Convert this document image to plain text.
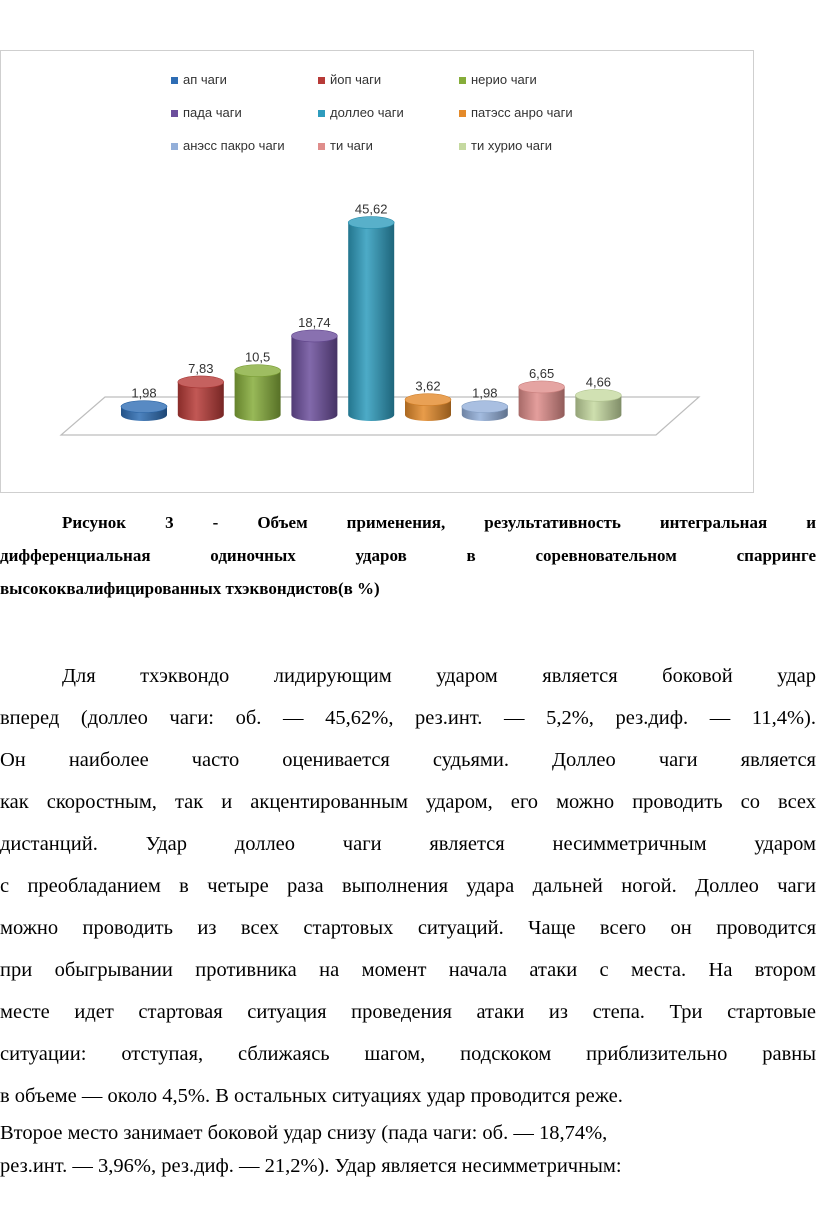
ап чаги	йоп чаги	нерио чаги
пада чаги	доллео чаги	патэсс анро чаги
анэсс пакро чаги	ти чаги	ти хурио чаги
1,98
7,83
10,5
18,74
45,62
3,62 1,98
6,65
4,66
Рисунок 3 - Объем применения, результативность интегральная и
дифференциальная одиночных ударов в соревновательном спарринге
высококвалифицированных тхэквондистов(в %)
Для тхэквондо лидирующим ударом является боковой удар
вперед (доллео чаги: об. — 45,62%, рез.инт. — 5,2%, рез.диф. — 11,4%).
Он наиболее часто оценивается судьями. Доллео чаги является
как скоростным, так и акцентированным ударом, его можно проводить со всех
дистанций. Удар доллео чаги является несимметричным ударом
с преобладанием в четыре раза выполнения удара дальней ногой. Доллео чаги
можно проводить из всех стартовых ситуаций. Чаще всего он проводится
при обыгрывании противника на момент начала атаки с места. На втором
месте идет стартовая ситуация проведения атаки из степа. Три стартовые
ситуации: отступая, сближаясь шагом, подскоком приблизительно равны
в объеме — около 4,5%. В остальных ситуациях удар проводится реже.
Второе место занимает боковой удар снизу (пада чаги: об. — 18,74%,
рез.инт. — 3,96%, рез.диф. — 21,2%). Удар является несимметричным:
